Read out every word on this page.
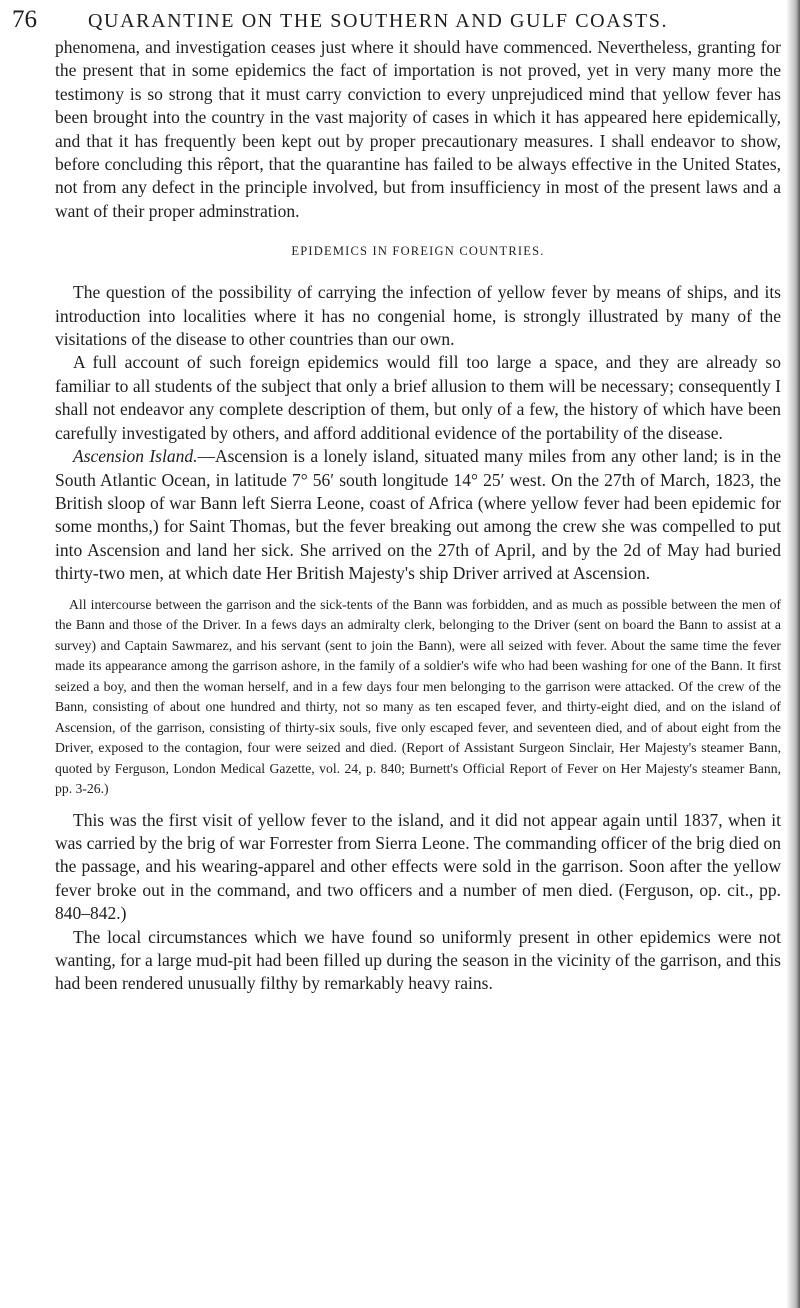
76	QUARANTINE ON THE SOUTHERN AND GULF COASTS.

phenomena, and investigation ceases just where it should have commenced. Nevertheless, granting for the present that in some epidemics the fact of importation is not proved, yet in very many more the testimony is so strong that it must carry conviction to every unprejudiced mind that yellow fever has been brought into the country in the vast majority of cases in which it has appeared here epidemically, and that it has frequently been kept out by proper precautionary measures. I shall endeavor to show, before concluding this rêport, that the quarantine has failed to be always effective in the United States, not from any defect in the principle involved, but from insufficiency in most of the present laws and a want of their proper adminstration.

EPIDEMICS IN FOREIGN COUNTRIES.

The question of the possibility of carrying the infection of yellow fever by means of ships, and its introduction into localities where it has no congenial home, is strongly illustrated by many of the visitations of the disease to other countries than our own.

A full account of such foreign epidemics would fill too large a space, and they are already so familiar to all students of the subject that only a brief allusion to them will be necessary; consequently I shall not endeavor any complete description of them, but only of a few, the history of which have been carefully investigated by others, and afford additional evidence of the portability of the disease.

Ascension Island.—Ascension is a lonely island, situated many miles from any other land; is in the South Atlantic Ocean, in latitude 7° 56′ south longitude 14° 25′ west. On the 27th of March, 1823, the British sloop of war Bann left Sierra Leone, coast of Africa (where yellow fever had been epidemic for some months,) for Saint Thomas, but the fever breaking out among the crew she was compelled to put into Ascension and land her sick. She arrived on the 27th of April, and by the 2d of May had buried thirty-two men, at which date Her British Majesty's ship Driver arrived at Ascension.

All intercourse between the garrison and the sick-tents of the Bann was forbidden, and as much as possible between the men of the Bann and those of the Driver. In a fews days an admiralty clerk, belonging to the Driver (sent on board the Bann to assist at a survey) and Captain Sawmarez, and his servant (sent to join the Bann), were all seized with fever. About the same time the fever made its appearance among the garrison ashore, in the family of a soldier's wife who had been washing for one of the Bann. It first seized a boy, and then the woman herself, and in a few days four men belonging to the garrison were attacked. Of the crew of the Bann, consisting of about one hundred and thirty, not so many as ten escaped fever, and thirty-eight died, and on the island of Ascension, of the garrison, consisting of thirty-six souls, five only escaped fever, and seventeen died, and of about eight from the Driver, exposed to the contagion, four were seized and died. (Report of Assistant Surgeon Sinclair, Her Majesty's steamer Bann, quoted by Ferguson, London Medical Gazette, vol. 24, p. 840; Burnett's Official Report of Fever on Her Majesty's steamer Bann, pp. 3-26.)

This was the first visit of yellow fever to the island, and it did not appear again until 1837, when it was carried by the brig of war Forrester from Sierra Leone. The commanding officer of the brig died on the passage, and his wearing-apparel and other effects were sold in the garrison. Soon after the yellow fever broke out in the command, and two officers and a number of men died. (Ferguson, op. cit., pp. 840–842.)

The local circumstances which we have found so uniformly present in other epidemics were not wanting, for a large mud-pit had been filled up during the season in the vicinity of the garrison, and this had been rendered unusually filthy by remarkably heavy rains.
